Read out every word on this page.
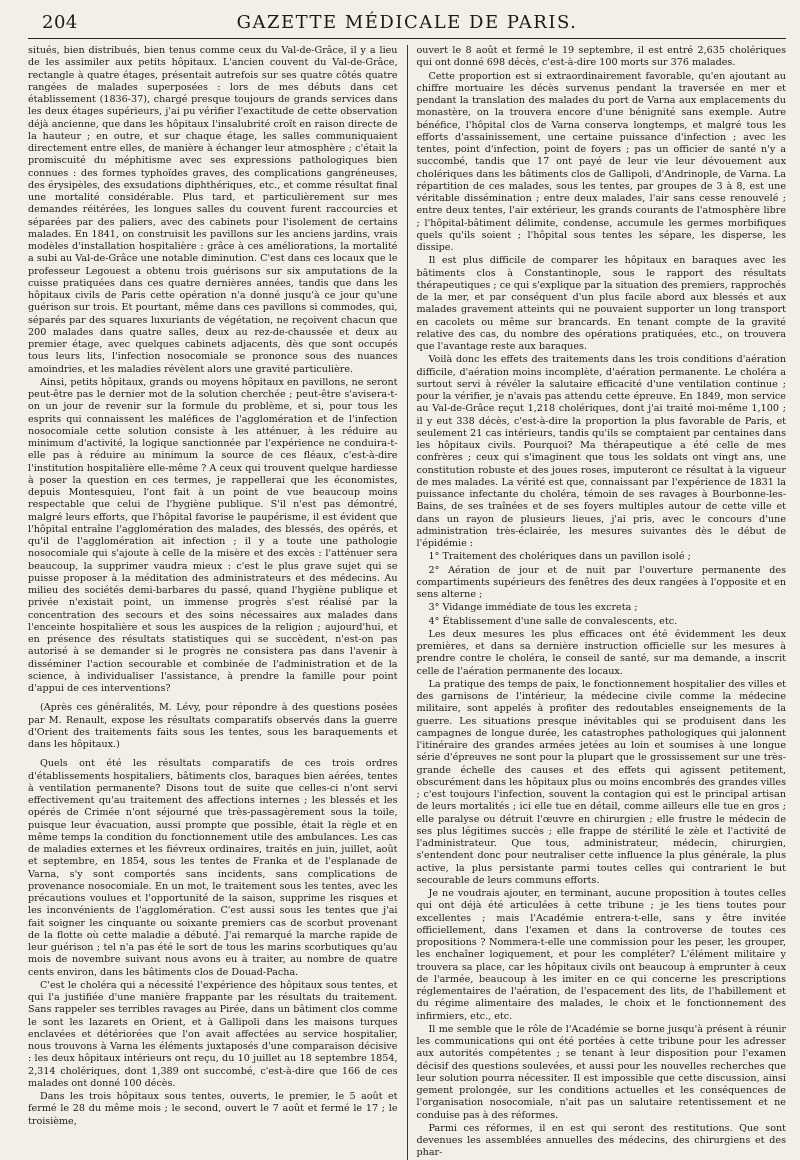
204	GAZETTE MÉDICALE DE PARIS.

situés, bien distribués, bien tenus comme ceux du Val-de-Grâce, il y a lieu de les assimiler aux petits hôpitaux. L'ancien couvent du Val-de-Grâce, rectangle à quatre étages, présentait autrefois sur ses quatre côtés quatre rangées de malades superposées : lors de mes débuts dans cet établissement (1836-37), chargé presque toujours de grands services dans les deux étages supérieurs, j'ai pu vérifier l'exactitude de cette observation déjà ancienne, que dans les hôpitaux l'insalubrité croît en raison directe de la hauteur ; en outre, et sur chaque étage, les salles communiquaient directement entre elles, de manière à échanger leur atmosphère ; c'était la promiscuité du méphitisme avec ses expressions pathologiques bien connues : des formes typhoïdes graves, des complications gangréneuses, des érysipèles, des exsudations diphthériques, etc., et comme résultat final une mortalité considérable. Plus tard, et particulièrement sur mes demandes réitérées, les longues salles du couvent furent raccourcies et séparées par des paliers, avec des cabinets pour l'isolement de certains malades. En 1841, on construisit les pavillons sur les anciens jardins, vrais modèles d'installation hospitalière : grâce à ces améliorations, la mortalité a subi au Val-de-Grâce une notable diminution. C'est dans ces locaux que le professeur Legouest a obtenu trois guérisons sur six amputations de la cuisse pratiquées dans ces quatre dernières années, tandis que dans les hôpitaux civils de Paris cette opération n'a donné jusqu'à ce jour qu'une guérison sur trois. Et pourtant, même dans ces pavillons si commodes, qui, séparés par des squares luxuriants de végétation, ne reçoivent chacun que 200 malades dans quatre salles, deux au rez-de-chaussée et deux au premier étage, avec quelques cabinets adjacents, dès que sont occupés tous leurs lits, l'infection nosocomiale se prononce sous des nuances amoindries, et les maladies révèlent alors une gravité particulière.

Ainsi, petits hôpitaux, grands ou moyens hôpitaux en pavillons, ne seront peut-être pas le dernier mot de la solution cherchée ; peut-être s'avisera-t-on un jour de revenir sur la formule du problème, et si, pour tous les esprits qui connaissent les maléfices de l'agglomération et de l'infection nosocomiale cette solution consiste à les atténuer, à les réduire au minimum d'activité, la logique sanctionnée par l'expérience ne conduira-t-elle pas à réduire au minimum la source de ces fléaux, c'est-à-dire l'institution hospitalière elle-même ? A ceux qui trouvent quelque hardiesse à poser la question en ces termes, je rappellerai que les économistes, depuis Montesquieu, l'ont fait à un point de vue beaucoup moins respectable que celui de l'hygiène publique. S'il n'est pas démontré, malgré leurs efforts, que l'hôpital favorise le paupérisme, il est évident que l'hôpital entraîne l'agglomération des malades, des blessés, des opérés, et qu'il de l'agglomération ait infection ; il y a toute une pathologie nosocomiale qui s'ajoute à celle de la misère et des excès : l'atténuer sera beaucoup, la supprimer vaudra mieux : c'est le plus grave sujet qui se puisse proposer à la méditation des administrateurs et des médecins. Au milieu des sociétés demi-barbares du passé, quand l'hygiène publique et privée n'existait point, un immense progrès s'est réalisé par la concentration des secours et des soins nécessaires aux malades dans l'enceinte hospitalière et sous les auspices de la religion ; aujourd'hui, et en présence des résultats statistiques qui se succèdent, n'est-on pas autorisé à se demander si le progrès ne consistera pas dans l'avenir à disséminer l'action secourable et combinée de l'administration et de la science, à individualiser l'assistance, à prendre la famille pour point d'appui de ces interventions?

(Après ces généralités, M. Lévy, pour répondre à des questions posées par M. Renault, expose les résultats comparatifs observés dans la guerre d'Orient des traitements faits sous les tentes, sous les baraquements et dans les hôpitaux.)

Quels ont été les résultats comparatifs de ces trois ordres d'établissements hospitaliers, bâtiments clos, baraques bien aérées, tentes à ventilation permanente? Disons tout de suite que celles-ci n'ont servi effectivement qu'au traitement des affections internes ; les blessés et les opérés de Crimée n'ont séjourné que très-passagèrement sous la toile, puisque leur évacuation, aussi prompte que possible, était la règle et en même temps la condition du fonctionnement utile des ambulances. Les cas de maladies externes et les fiévreux ordinaires, traités en juin, juillet, août et septembre, en 1854, sous les tentes de Franka et de l'esplanade de Varna, s'y sont comportés sans incidents, sans complications de provenance nosocomiale. En un mot, le traitement sous les tentes, avec les précautions voulues et l'opportunité de la saison, supprime les risques et les inconvénients de l'agglomération. C'est aussi sous les tentes que j'ai fait soigner les cinquante ou soixante premiers cas de scorbut provenant de la flotte où cette maladie a débuté. J'ai remarqué la marche rapide de leur guérison ; tel n'a pas été le sort de tous les marins scorbutiques qu'au mois de novembre suivant nous avons eu à traiter, au nombre de quatre cents environ, dans les bâtiments clos de Douad-Pacha.

C'est le choléra qui a nécessité l'expérience des hôpitaux sous tentes, et qui l'a justifiée d'une manière frappante par les résultats du traitement. Sans rappeler ses terribles ravages au Pirée, dans un bâtiment clos comme le sont les lazarets en Orient, et à Gallipoli dans les maisons turques enclavées et détériorées que l'on avait affectées au service hospitalier, nous trouvons à Varna les éléments juxtaposés d'une comparaison décisive : les deux hôpitaux intérieurs ont reçu, du 10 juillet au 18 septembre 1854, 2,314 cholériques, dont 1,389 ont succombé, c'est-à-dire que 166 de ces malades ont donné 100 décès.

Dans les trois hôpitaux sous tentes, ouverts, le premier, le 5 août et fermé le 28 du même mois ; le second, ouvert le 7 août et fermé le 17 ; le troisième,

ouvert le 8 août et fermé le 19 septembre, il est entré 2,635 cholériques qui ont donné 698 décès, c'est-à-dire 100 morts sur 376 malades.

Cette proportion est si extraordinairement favorable, qu'en ajoutant au chiffre mortuaire les décès survenus pendant la traversée en mer et pendant la translation des malades du port de Varna aux emplacements du monastère, on la trouvera encore d'une bénignité sans exemple. Autre bénéfice, l'hôpital clos de Varna conserva longtemps, et malgré tous les efforts d'assainissement, une certaine puissance d'infection ; avec les tentes, point d'infection, point de foyers ; pas un officier de santé n'y a succombé, tandis que 17 ont payé de leur vie leur dévouement aux cholériques dans les bâtiments clos de Gallipoli, d'Andrinople, de Varna. La répartition de ces malades, sous les tentes, par groupes de 3 à 8, est une véritable dissémination ; entre deux malades, l'air sans cesse renouvelé ; entre deux tentes, l'air extérieur, les grands courants de l'atmosphère libre ; l'hôpital-bâtiment délimite, condense, accumule les germes morbifiques quels qu'ils soient ; l'hôpital sous tentes les sépare, les disperse, les dissipe.

Il est plus difficile de comparer les hôpitaux en baraques avec les bâtiments clos à Constantinople, sous le rapport des résultats thérapeutiques ; ce qui s'explique par la situation des premiers, rapprochés de la mer, et par conséquent d'un plus facile abord aux blessés et aux malades gravement atteints qui ne pouvaient supporter un long transport en cacolets ou même sur brancards. En tenant compte de la gravité relative des cas, du nombre des opérations pratiquées, etc., on trouvera que l'avantage reste aux baraques.

Voilà donc les effets des traitements dans les trois conditions d'aération difficile, d'aération moins incomplète, d'aération permanente. Le choléra a surtout servi à révéler la salutaire efficacité d'une ventilation continue ; pour la vérifier, je n'avais pas attendu cette épreuve. En 1849, mon service au Val-de-Grâce reçut 1,218 cholériques, dont j'ai traité moi-même 1,100 ; il y eut 338 décès, c'est-à-dire la proportion la plus favorable de Paris, et seulement 21 cas intérieurs, tandis qu'ils se comptaient par centaines dans les hôpitaux civils. Pourquoi? Ma thérapeutique a été celle de mes confrères ; ceux qui s'imaginent que tous les soldats ont vingt ans, une constitution robuste et des joues roses, imputeront ce résultat à la vigueur de mes malades. La vérité est que, connaissant par l'expérience de 1831 la puissance infectante du choléra, témoin de ses ravages à Bourbonne-les-Bains, de ses traînées et de ses foyers multiples autour de cette ville et dans un rayon de plusieurs lieues, j'ai pris, avec le concours d'une administration très-éclairée, les mesures suivantes dès le début de l'épidémie :

1° Traitement des cholériques dans un pavillon isolé ;

2° Aération de jour et de nuit par l'ouverture permanente des compartiments supérieurs des fenêtres des deux rangées à l'opposite et en sens alterne ;

3° Vidange immédiate de tous les excreta ;

4° Établissement d'une salle de convalescents, etc.

Les deux mesures les plus efficaces ont été évidemment les deux premières, et dans sa dernière instruction officielle sur les mesures à prendre contre le choléra, le conseil de santé, sur ma demande, a inscrit celle de l'aération permanente des locaux.

La pratique des temps de paix, le fonctionnement hospitalier des villes et des garnisons de l'intérieur, la médecine civile comme la médecine militaire, sont appelés à profiter des redoutables enseignements de la guerre. Les situations presque inévitables qui se produisent dans les campagnes de longue durée, les catastrophes pathologiques qui jalonnent l'itinéraire des grandes armées jetées au loin et soumises à une longue série d'épreuves ne sont pour la plupart que le grossissement sur une très-grande échelle des causes et des effets qui agissent petitement, obscurément dans les hôpitaux plus ou moins encombrés des grandes villes ; c'est toujours l'infection, souvent la contagion qui est le principal artisan de leurs mortalités ; ici elle tue en détail, comme ailleurs elle tue en gros ; elle paralyse ou détruit l'œuvre en chirurgien ; elle frustre le médecin de ses plus légitimes succès ; elle frappe de stérilité le zèle et l'activité de l'administrateur. Que tous, administrateur, médecin, chirurgien, s'entendent donc pour neutraliser cette influence la plus générale, la plus active, la plus persistante parmi toutes celles qui contrarient le but secourable de leurs communs efforts.

Je ne voudrais ajouter, en terminant, aucune proposition à toutes celles qui ont déjà été articulées à cette tribune ; je les tiens toutes pour excellentes ; mais l'Académie entrera-t-elle, sans y être invitée officiellement, dans l'examen et dans la controverse de toutes ces propositions ? Nommera-t-elle une commission pour les peser, les grouper, les enchaîner logiquement, et pour les compléter? L'élément militaire y trouvera sa place, car les hôpitaux civils ont beaucoup à emprunter à ceux de l'armée, beaucoup à les imiter en ce qui concerne les prescriptions réglementaires de l'aération, de l'espacement des lits, de l'habillement et du régime alimentaire des malades, le choix et le fonctionnement des infirmiers, etc., etc.

Il me semble que le rôle de l'Académie se borne jusqu'à présent à réunir les communications qui ont été portées à cette tribune pour les adresser aux autorités compétentes ; se tenant à leur disposition pour l'examen décisif des questions soulevées, et aussi pour les nouvelles recherches que leur solution pourra nécessiter. Il est impossible que cette discussion, ainsi gement prolongée, sur les conditions actuelles et les conséquences de l'organisation nosocomiale, n'ait pas un salutaire retentissement et ne conduise pas à des réformes.

Parmi ces réformes, il en est qui seront des restitutions. Que sont devenues les assemblées annuelles des médecins, des chirurgiens et des phar-
